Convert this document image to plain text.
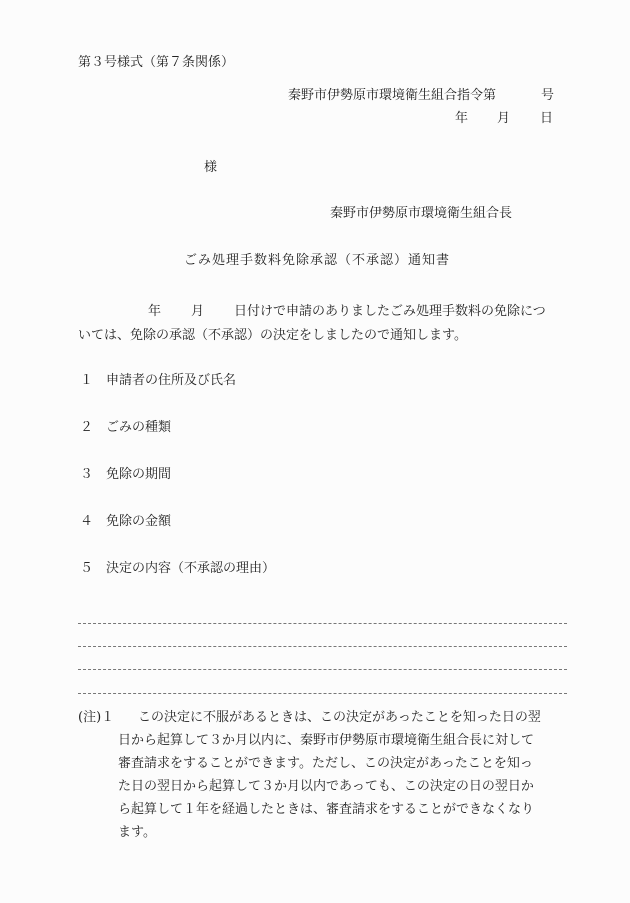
第３号様式（第７条関係）
秦野市伊勢原市環境衛生組合指令第	号
年 月 日
様
秦野市伊勢原市環境衛生組合長
ごみ処理手数料免除承認（不承認）通知書
年 月 日付けで申請のありましたごみ処理手数料の免除につ
いては、免除の承認（不承認）の決定をしましたので通知します。
１ 申請者の住所及び氏名
２ ごみの種類
３ 免除の期間
４ 免除の金額
５ 決定の内容（不承認の理由）
(注)１ この決定に不服があるときは、この決定があったことを知った日の翌
日から起算して３か月以内に、秦野市伊勢原市環境衛生組合長に対して
審査請求をすることができます。ただし、この決定があったことを知っ
た日の翌日から起算して３か月以内であっても、この決定の日の翌日か
ら起算して１年を経過したときは、審査請求をすることができなくなり
ます。
